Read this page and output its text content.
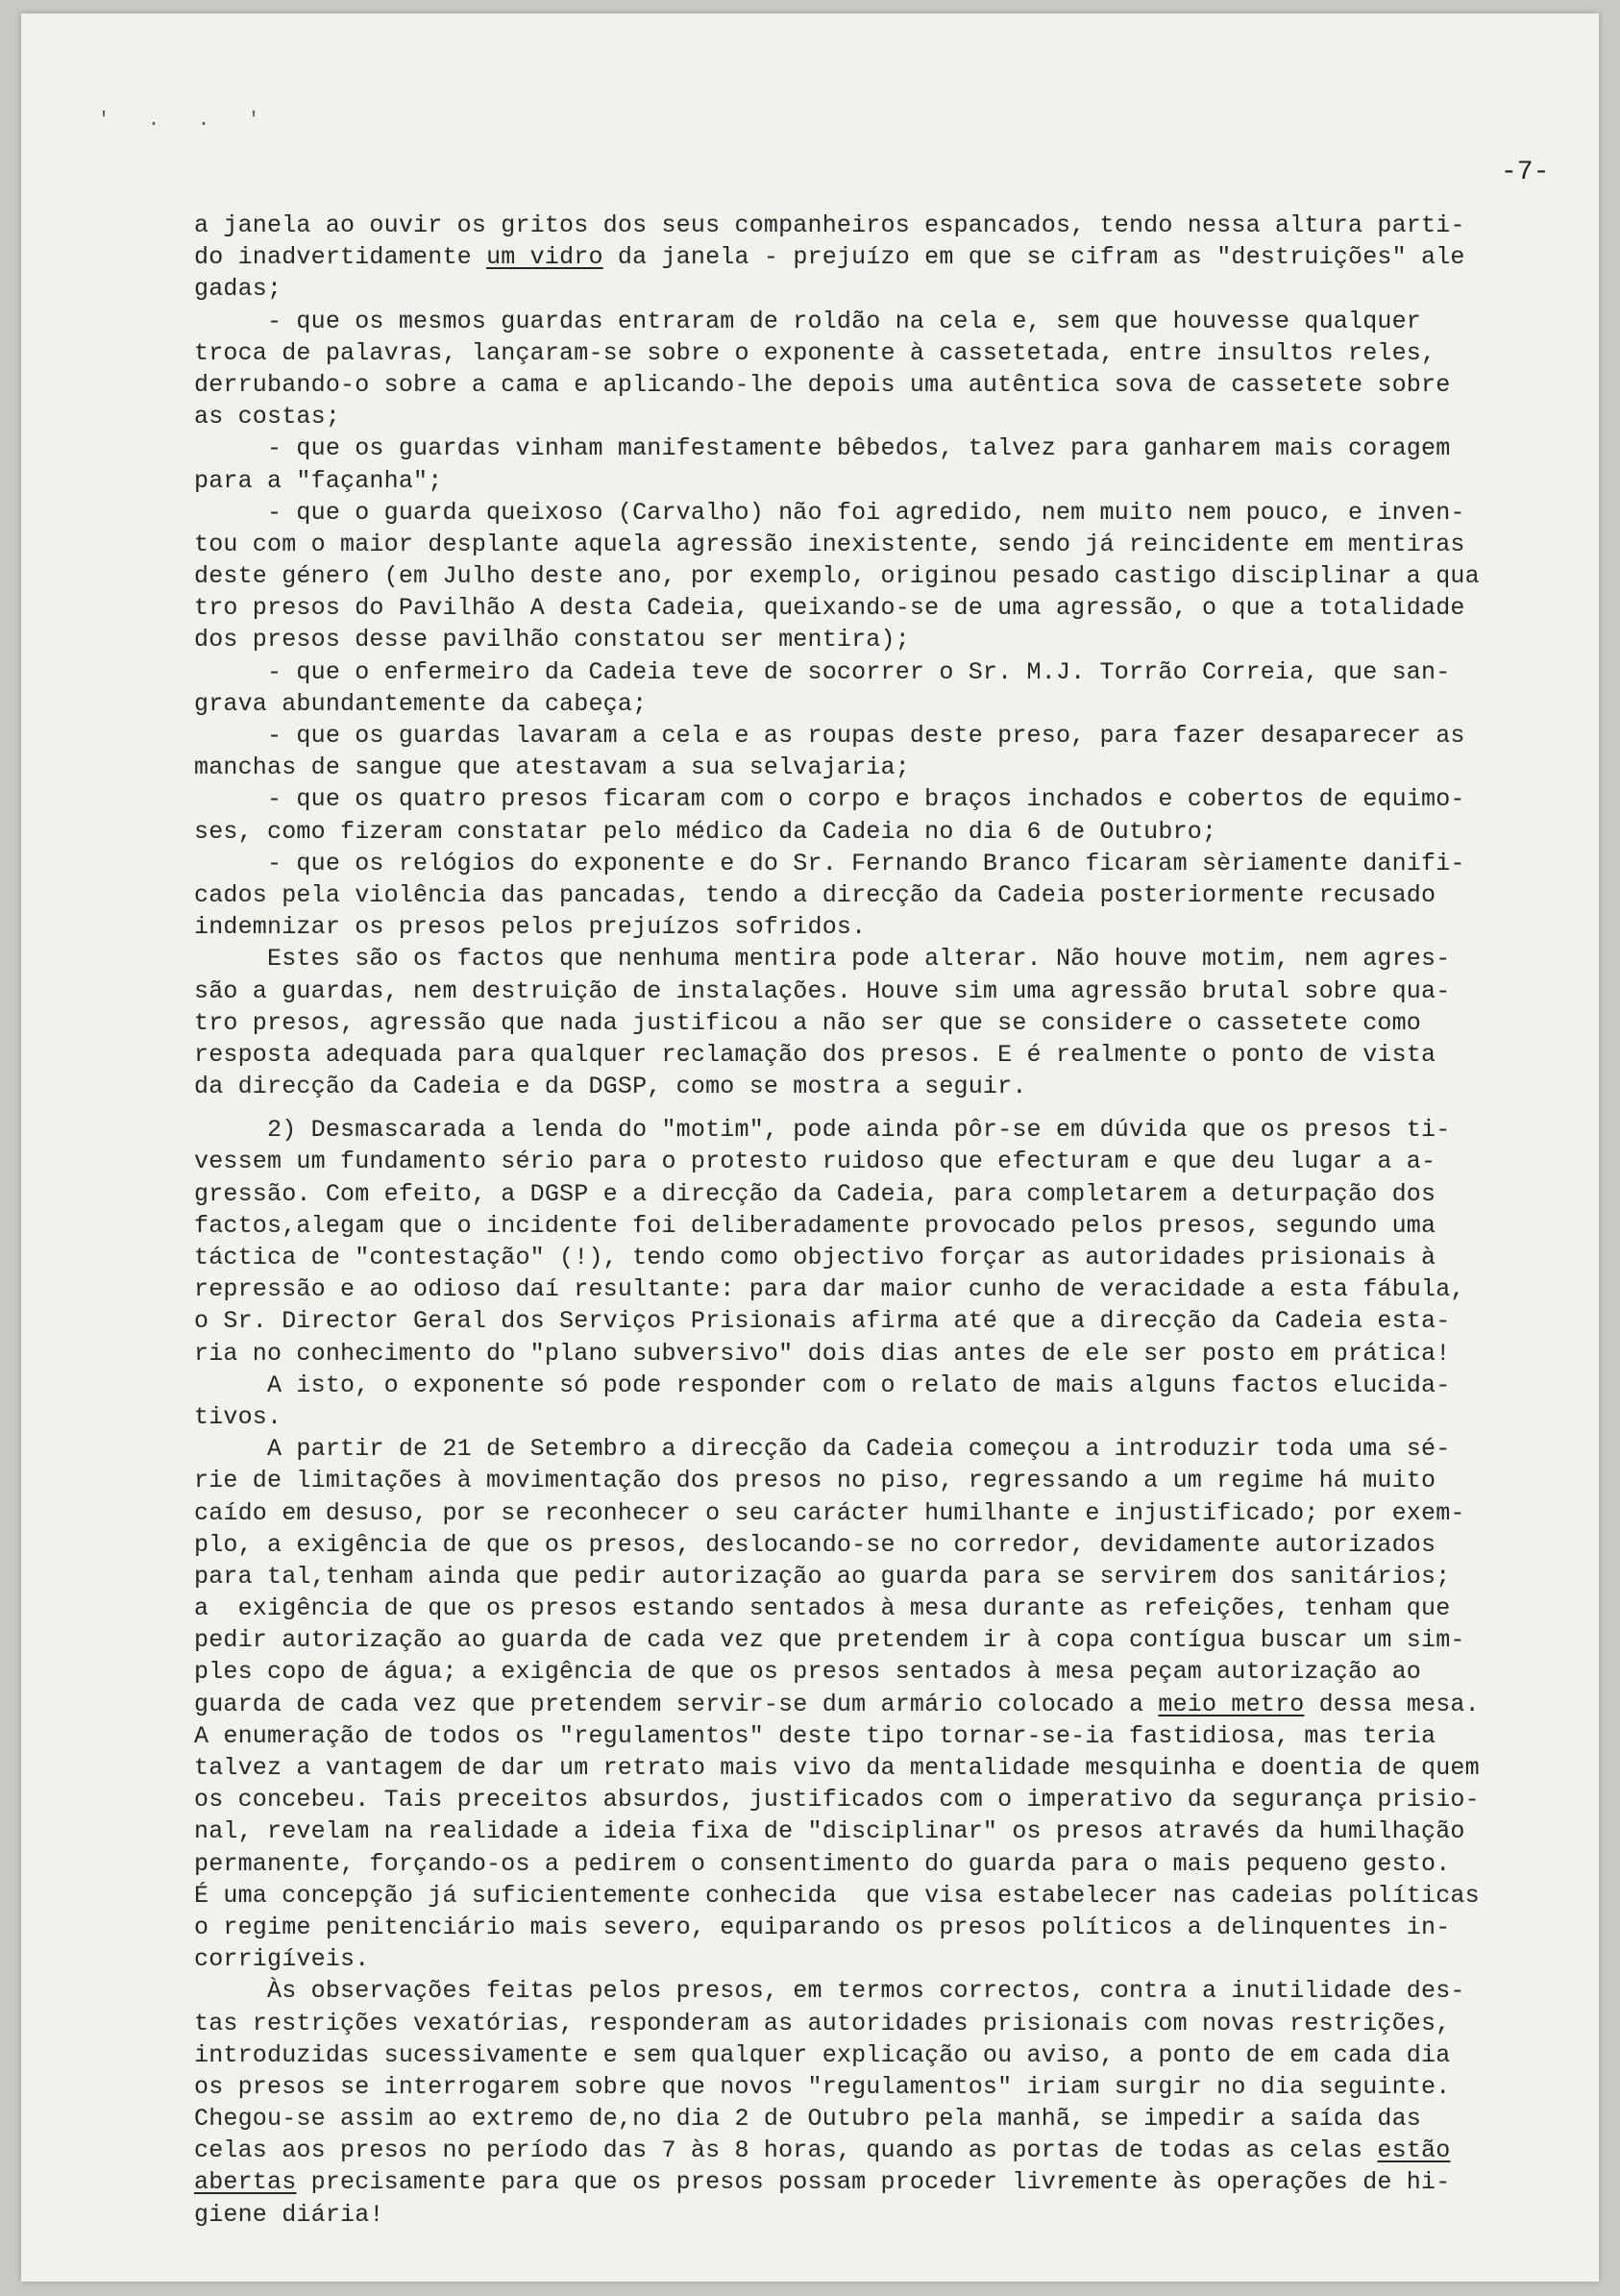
' . . '
-7-
a janela ao ouvir os gritos dos seus companheiros espancados, tendo nessa altura parti-
do inadvertidamente um vidro da janela - prejuízo em que se cifram as "destruições" ale
gadas;
- que os mesmos guardas entraram de roldão na cela e, sem que houvesse qualquer
troca de palavras, lançaram-se sobre o exponente à cassetetada, entre insultos reles,
derrubando-o sobre a cama e aplicando-lhe depois uma autêntica sova de cassetete sobre
as costas;
- que os guardas vinham manifestamente bêbedos, talvez para ganharem mais coragem
para a "façanha";
- que o guarda queixoso (Carvalho) não foi agredido, nem muito nem pouco, e inven-
tou com o maior desplante aquela agressão inexistente, sendo já reincidente em mentiras
deste género (em Julho deste ano, por exemplo, originou pesado castigo disciplinar a qua
tro presos do Pavilhão A desta Cadeia, queixando-se de uma agressão, o que a totalidade
dos presos desse pavilhão constatou ser mentira);
- que o enfermeiro da Cadeia teve de socorrer o Sr. M.J. Torrão Correia, que san-
grava abundantemente da cabeça;
- que os guardas lavaram a cela e as roupas deste preso, para fazer desaparecer as
manchas de sangue que atestavam a sua selvajaria;
- que os quatro presos ficaram com o corpo e braços inchados e cobertos de equimo-
ses, como fizeram constatar pelo médico da Cadeia no dia 6 de Outubro;
- que os relógios do exponente e do Sr. Fernando Branco ficaram sèriamente danifi-
cados pela violência das pancadas, tendo a direcção da Cadeia posteriormente recusado
indemnizar os presos pelos prejuízos sofridos.
Estes são os factos que nenhuma mentira pode alterar. Não houve motim, nem agres-
são a guardas, nem destruição de instalações. Houve sim uma agressão brutal sobre qua-
tro presos, agressão que nada justificou a não ser que se considere o cassetete como
resposta adequada para qualquer reclamação dos presos. E é realmente o ponto de vista
da direcção da Cadeia e da DGSP, como se mostra a seguir.
2) Desmascarada a lenda do "motim", pode ainda pôr-se em dúvida que os presos ti-
vessem um fundamento sério para o protesto ruidoso que efecturam e que deu lugar a a-
gressão. Com efeito, a DGSP e a direcção da Cadeia, para completarem a deturpação dos
factos,alegam que o incidente foi deliberadamente provocado pelos presos, segundo uma
táctica de "contestação" (!), tendo como objectivo forçar as autoridades prisionais à
repressão e ao odioso daí resultante: para dar maior cunho de veracidade a esta fábula,
o Sr. Director Geral dos Serviços Prisionais afirma até que a direcção da Cadeia esta-
ria no conhecimento do "plano subversivo" dois dias antes de ele ser posto em prática!
A isto, o exponente só pode responder com o relato de mais alguns factos elucida-
tivos.
A partir de 21 de Setembro a direcção da Cadeia começou a introduzir toda uma sé-
rie de limitações à movimentação dos presos no piso, regressando a um regime há muito
caído em desuso, por se reconhecer o seu carácter humilhante e injustificado; por exem-
plo, a exigência de que os presos, deslocando-se no corredor, devidamente autorizados
para tal,tenham ainda que pedir autorização ao guarda para se servirem dos sanitários;
a  exigência de que os presos estando sentados à mesa durante as refeições, tenham que
pedir autorização ao guarda de cada vez que pretendem ir à copa contígua buscar um sim-
ples copo de água; a exigência de que os presos sentados à mesa peçam autorização ao
guarda de cada vez que pretendem servir-se dum armário colocado a meio metro dessa mesa.
A enumeração de todos os "regulamentos" deste tipo tornar-se-ia fastidiosa, mas teria
talvez a vantagem de dar um retrato mais vivo da mentalidade mesquinha e doentia de quem
os concebeu. Tais preceitos absurdos, justificados com o imperativo da segurança prisio-
nal, revelam na realidade a ideia fixa de "disciplinar" os presos através da humilhação
permanente, forçando-os a pedirem o consentimento do guarda para o mais pequeno gesto.
É uma concepção já suficientemente conhecida  que visa estabelecer nas cadeias políticas
o regime penitenciário mais severo, equiparando os presos políticos a delinquentes in-
corrigíveis.
Às observações feitas pelos presos, em termos correctos, contra a inutilidade des-
tas restrições vexatórias, responderam as autoridades prisionais com novas restrições,
introduzidas sucessivamente e sem qualquer explicação ou aviso, a ponto de em cada dia
os presos se interrogarem sobre que novos "regulamentos" iriam surgir no dia seguinte.
Chegou-se assim ao extremo de,no dia 2 de Outubro pela manhã, se impedir a saída das
celas aos presos no período das 7 às 8 horas, quando as portas de todas as celas estão
abertas precisamente para que os presos possam proceder livremente às operações de hi-
giene diária!
